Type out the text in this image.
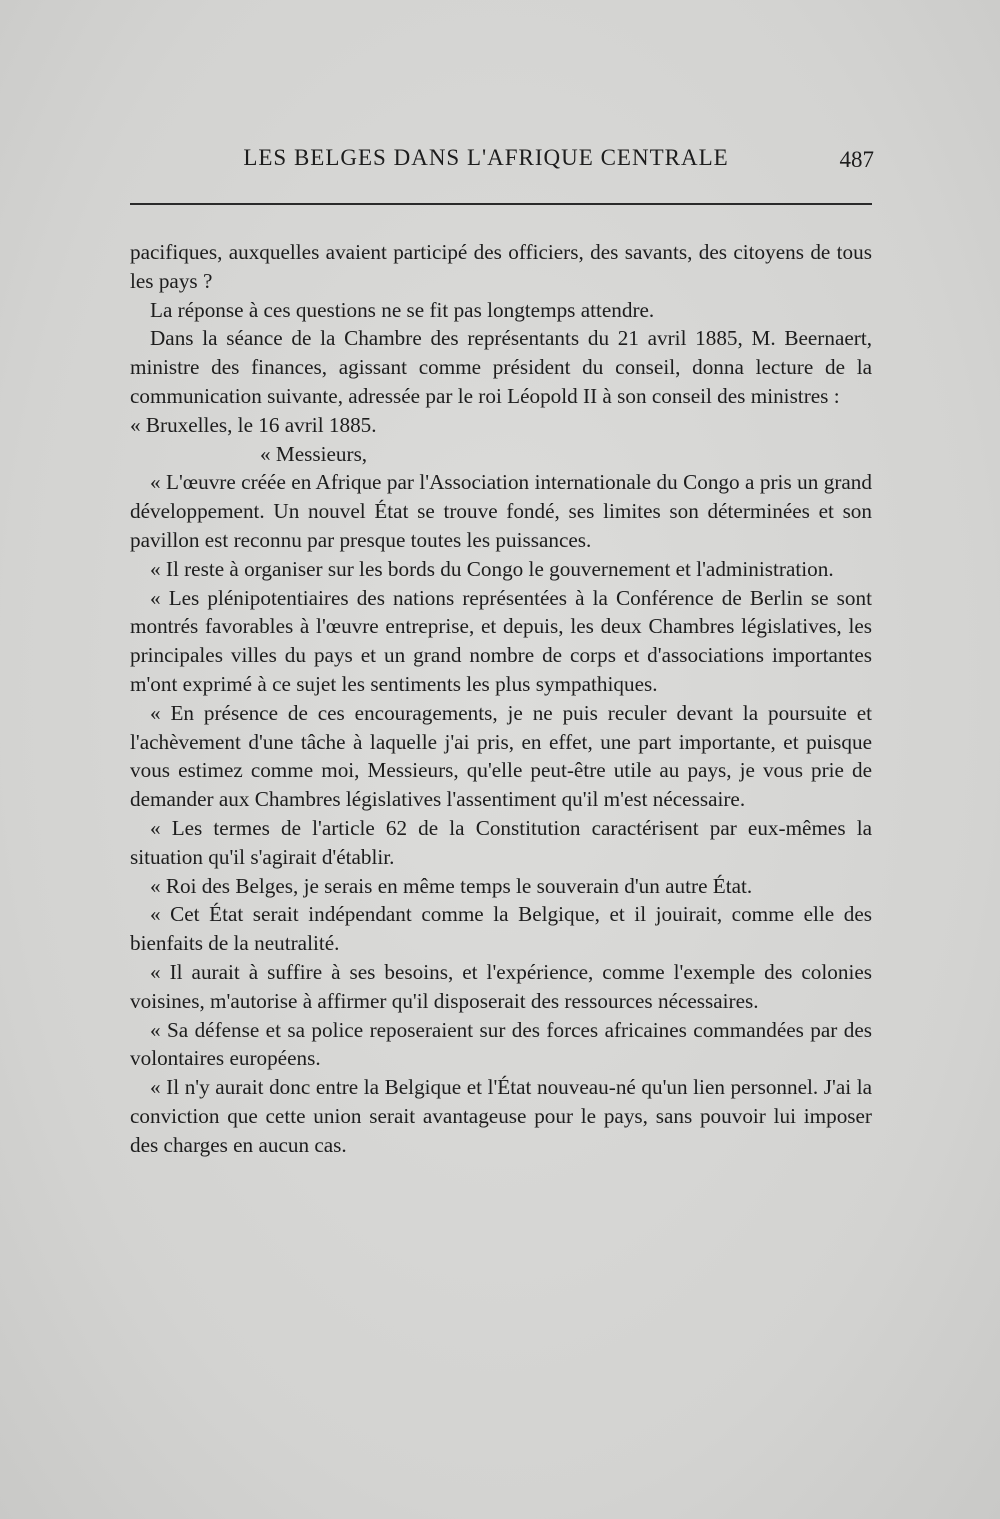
LES BELGES DANS L'AFRIQUE CENTRALE	487

pacifiques, auxquelles avaient participé des officiers, des savants, des citoyens de tous les pays ?

La réponse à ces questions ne se fit pas longtemps attendre.

Dans la séance de la Chambre des représentants du 21 avril 1885, M. Beernaert, ministre des finances, agissant comme président du conseil, donna lecture de la communication suivante, adressée par le roi Léopold II à son conseil des ministres :

« Bruxelles, le 16 avril 1885.

« Messieurs,

« L'œuvre créée en Afrique par l'Association internationale du Congo a pris un grand développement. Un nouvel État se trouve fondé, ses limites son déterminées et son pavillon est reconnu par presque toutes les puissances.

« Il reste à organiser sur les bords du Congo le gouvernement et l'administration.

« Les plénipotentiaires des nations représentées à la Conférence de Berlin se sont montrés favorables à l'œuvre entreprise, et depuis, les deux Chambres législatives, les principales villes du pays et un grand nombre de corps et d'associations importantes m'ont exprimé à ce sujet les sentiments les plus sympathiques.

« En présence de ces encouragements, je ne puis reculer devant la poursuite et l'achèvement d'une tâche à laquelle j'ai pris, en effet, une part importante, et puisque vous estimez comme moi, Messieurs, qu'elle peut-être utile au pays, je vous prie de demander aux Chambres législatives l'assentiment qu'il m'est nécessaire.

« Les termes de l'article 62 de la Constitution caractérisent par eux-mêmes la situation qu'il s'agirait d'établir.

« Roi des Belges, je serais en même temps le souverain d'un autre État.

« Cet État serait indépendant comme la Belgique, et il jouirait, comme elle des bienfaits de la neutralité.

« Il aurait à suffire à ses besoins, et l'expérience, comme l'exemple des colonies voisines, m'autorise à affirmer qu'il disposerait des ressources nécessaires.

« Sa défense et sa police reposeraient sur des forces africaines commandées par des volontaires européens.

« Il n'y aurait donc entre la Belgique et l'État nouveau-né qu'un lien personnel. J'ai la conviction que cette union serait avantageuse pour le pays, sans pouvoir lui imposer des charges en aucun cas.
